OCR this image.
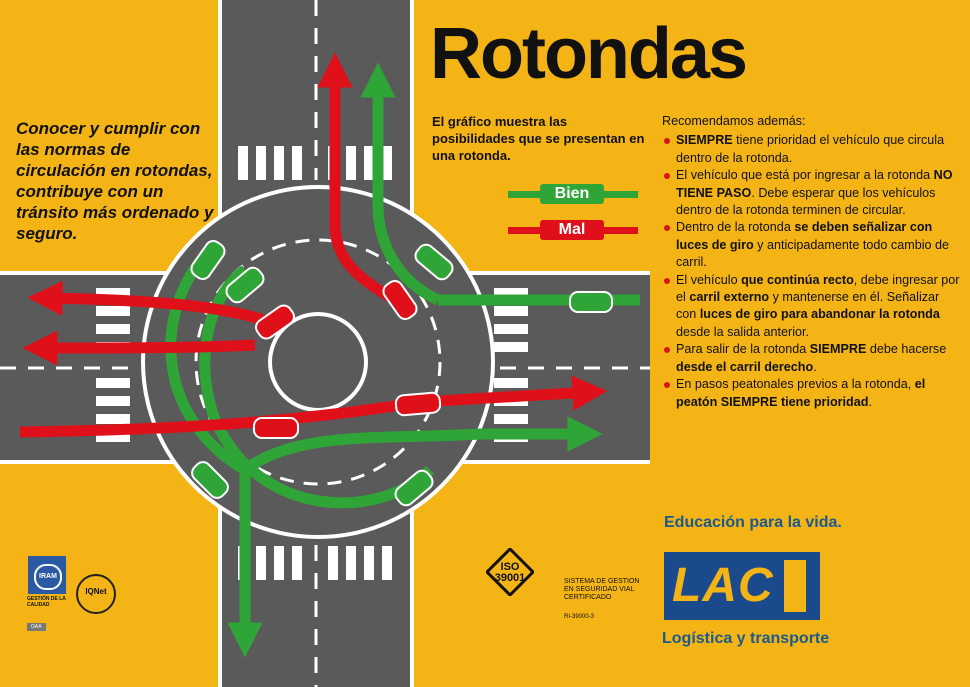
Rotondas
Conocer y cumplir con las normas de circulación en rotondas, contribuye con un tránsito más ordenado y seguro.
El gráfico muestra las posibilidades que se presentan en una rotonda.
Bien
Mal

Recomendamos además:

SIEMPRE tiene prioridad el vehículo que circula dentro de la rotonda.
El vehículo que está por ingresar a la rotonda NO TIENE PASO. Debe esperar que los vehículos dentro de la rotonda terminen de circular.
Dentro de la rotonda se deben señalizar con luces de giro y anticipadamente todo cambio de carril.
El vehículo que continúa recto, debe ingresar por el carril externo y mantenerse en él. Señalizar con luces de giro para abandonar la rotonda desde la salida anterior.
Para salir de la rotonda SIEMPRE debe hacerse desde el carril derecho.
En pasos peatonales previos a la rotonda, el peatón SIEMPRE tiene prioridad.
Educación para la vida.
LAC
Logística y transporte
ISO
39001	SISTEMA DE GESTION EN SEGURIDAD VIAL CERTIFICADO
RI-39000-3
IRAM
GESTIÓN DE LA CALIDAD
IQNet
OAA
